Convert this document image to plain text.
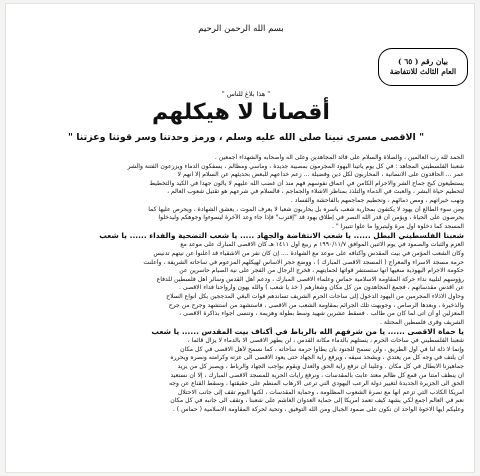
بسم الله الرحمن الرحيم
بيان رقم ( ٦٥ )
العام الثالث للانتفاضة
" هذا بلاغ للناس "
أقصانا لا هيكلهم
" الاقصى مسرى نبينا صلى الله عليه وسلم ، ورمز وحدتنا وسر قوتنا وعزتنا "
الحمد لله رب العالمين ، والصلاة والسلام على قائد المجاهدين وعلى آله وأصحابه والشهداء أجمعين .
شعبنا الفلسطيني المجاهد : في كل يوم يأتينا اليهود المجرمون بمصيبة جديدة ، ومآسي ومظالم ، يسفكون الدماء ويزرعون الفتنة والشر
عمر ... الحاقدون على الانسانية ، المحاربون لكل دين وفضيلة ... زعم خداعهم للبعض بحديثهم عن السلام إلا انهم لا
يستطيعون كبح جماح الشر والاجرام الكامن في أعماق نفوسهم فهم منذ أن غضب الله عليهم لا يألون جهداً في الكيد والتخطيط
لتحطيم حياة البشر ، والعبث في الدماء والتلذذ بمناظر الاشلاء والجماجم ، فالسلام في شرعهم هو تقتيل شعوب العالم ،
ونهب خيراتهم ، ومص دمائهم ، وتحطيم جماجمهم بالفاحشة والفساد .
ومن سوء الطالع أن يهود لا يكتفون بمحاربة شعب بأسره بل يحاربون شعباً لا يعرف الموت ، يعشق الشهادة ، ويحرص عليها كما
يحرصون على الحياة ، ويؤمن أن قدر الله النصر في إطلاق يهود قد "إقترب" فإذا جاء وعد الآخرة ليسوءوا وجوهكم وليدخلوا
المسجد كما دخلوه أول مرة وليتبروا ما علوا تتبيرا " .
شعبنا الفلسطيني البطل ...... يا شعب الانتفاضة والجهاد ..... يا شعب التضحية والفداء ...... يا شعب
العزم والثبات والصمود في يوم الاثنين الموافق ١٩٩٠/١١/٧ م ربيع أول ١٤١١ هـ كان الاقصى المبارك على موعد مع
وكان الشعب المؤمن في بيت المقدس وأكنافه على موعد مع الشهادة .... إن كان نفر من الاشقياء قد أعلنوا عن نيتهم تدنيس
حرمة مسجد الاسراء والمعراج ( المسجد الاقصى المبارك ) ، ووضع حجر الاساس لهيكلهم المزعوم في ساحاته الشريفة ، وأعلنت
حكومة الاجرام اليهودية سعيها أنها ستستنفر قواتها لحمايتهم ، فخرج الرجال من الفجر على نية الصيام حاسرين عن
رؤوسهم لتلبية نداء حركة المقاومة الاسلامية حماس وعلماء الاقصى المبارك ، ودعم أهل القدس وسائر أهل فلسطين للدفاع
عن أقدس مقدساتهم ، فجمع المجاهدون من كل مكان وشعارهم ( خذ يا شعب ) والله يهون وأرواحنا فداء الاقصى .
وحاول الاذلاء المجرمين من اليهود الدخول إلى ساحات الحرم الشريف تساندهم قوات البغي المدججين بكل أنواع السلاح
والذخيرة ، وبعدها الرصاص ، وجوبهت تلك الجرائم بمقاومة الشعب من الاقصى ، فاستشهد من استشهد وجرح من جرح
المعزلين أو أن أتى لما كان من طالب . فسقط عشرين شهيد وسط بطولة وهزيمة ، وتنسى أجواء بذاكرة الاقصى ،
الشريف وقرى فلسطين المحتلة .
يا حماة الاقصى ...... يا من شرفهم الله بالرباط في أكناف بيت المقدس ...... يا شعب
شعبنا الفلسطيني في ساحات الحرم ، يستلهم بالدماء مكانة القدس ، لن يطهر الاقصى الا بالدماء لا يزال قائماً ،
وإنما لا ذلة لنا في أول الطريق ، ولن نسمح للجنود بأن يطأوا حرمة ساحاته ، كما نسمح لأهل الاقصى في كل مكان
ان يلتف في وجه كل من يعتدي ، ويشحذ سيفه ، ويرفع راية الجهاد حتى يعود الاقصى الى عزته وكرامته ونصره ويحرره
جماهيرنا الابطال في كل مكان . وعلينا أن نرفع راية الحق والعدل ويقوم بواجب الجهاد والرباط ، ويصبر كل من يريد
ان ينظف أمتنا من قمع كل ظالم معتد عابث بالمقدسات ، ونرفع رايات الحرية للمسجد الاقصى المبارك ، إلا أن نستعيد
الحق الى الجزيرة الجديدة لتغيير دولة الرعب اليهودي التي ترعى الارهاب المنظم على حقيقتها ، وسقط القناع عن وجه
أمريكا الكاذب التي تزعم أنها مع نصرة الشعوب المظلومة ، وحماية المقدسات ، لكنها اليوم تقف إلى جانب الاحتلال
نعم في العالم أجمع لكي يشهد كيف تعمد أمريكا إلى حماية العدوان الغاشم على شعبنا ، وتقف الى جانبه في كل مكان
وعليكم أيها الاخوة الواحد ان نكون على صمود الجبال ومن الله التوفيق ، وتحية لحركة المقاومة الاسلامية ( حماس ) .
